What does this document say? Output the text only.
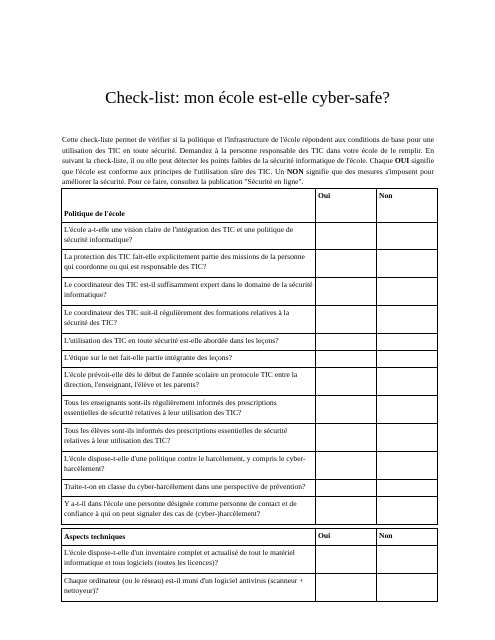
Check-list: mon école est-elle cyber-safe?

Cette check-liste permet de vérifier si la politique et l'infrastructure de l'école répondent aux conditions de base pour une utilisation des TIC en toute sécurité. Demandez à la personne responsable des TIC dans votre école de le remplir. En suivant la check-liste, il ou elle peut détecter les points faibles de la sécurité informatique de l'école. Chaque OUI signifie que l'école est conforme aux principes de l'utilisation sûre des TIC. Un NON signifie que des mesures s'imposent pour améliorer la sécurité. Pour ce faire, consultez la publication "Sécurité en ligne".

Politique de l'école	Oui	Non
L'école a-t-elle une vision claire de l'intégration des TIC et une politique de sécurité informatique?		
La protection des TIC fait-elle explicitement partie des missions de la personne qui coordonne ou qui est responsable des TIC?		
Le coordinateur des TIC est-il suffisamment expert dans le domaine de la sécurité informatique?		
Le coordinateur des TIC suit-il régulièrement des formations relatives à la sécurité des TIC?		
L'utilisation des TIC en toute sécurité est-elle abordée dans les leçons?		
L'étique sur le net fait-elle partie intégrante des leçons?		
L'école prévoit-elle dès le début de l'année scolaire un protocole TIC entre la direction, l'enseignant, l'élève et les parents?		
Tous les enseignants sont-ils régulièrement informés des prescriptions essentielles de sécurité relatives à leur utilisation des TIC?		
Tous les élèves sont-ils informés des prescriptions essentielles de sécurité relatives à leur utilisation des TIC?		
L'école dispose-t-elle d'une politique contre le harcèlement, y compris le cyber-harcèlement?		
Traite-t-on en classe du cyber-harcèlement dans une perspective de prévention?		
Y a-t-il dans l'école une personne désignée comme personne de contact et de confiance à qui on peut signaler des cas de (cyber-)harcèlement?		
Aspects techniques	Oui	Non
L'école dispose-t-elle d'un inventaire complet et actualisé de tout le matériel informatique et tous logiciels (toutes les licences)?		
Chaque ordinateur (ou le réseau) est-il muni d'un logiciel antivirus (scanneur + nettoyeur)?		
